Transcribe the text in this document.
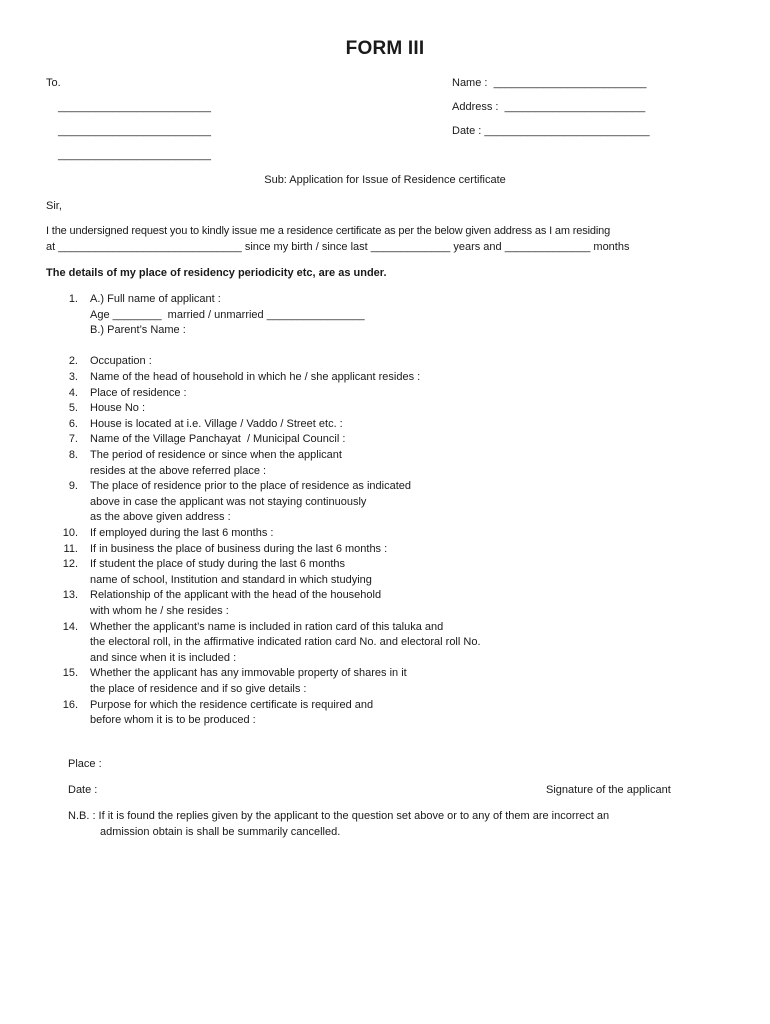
FORM III
To.
_________________________
_________________________
_________________________
Name :  _________________________
Address :  _______________________
Date : ___________________________
Sub: Application for Issue of Residence certificate
Sir,
I the undersigned request you to kindly issue me a residence certificate as per the below given address as I am residing
at ______________________________ since my birth / since last _____________ years and ______________ months
The details of my place of residency periodicity etc, are as under.
1. A.) Full name of applicant :
Age ________  married / unmarried ________________
B.) Parent’s Name :
2. Occupation :
3. Name of the head of household in which he / she applicant resides :
4. Place of residence :
5. House No :
6. House is located at i.e. Village / Vaddo / Street etc. :
7. Name of the Village Panchayat  / Municipal Council :
8. The period of residence or since when the applicant
resides at the above referred place :
9. The place of residence prior to the place of residence as indicated
above in case the applicant was not staying continuously
as the above given address :
10. If employed during the last 6 months :
11. If in business the place of business during the last 6 months :
12. If student the place of study during the last 6 months
name of school, Institution and standard in which studying
13. Relationship of the applicant with the head of the household
with whom he / she resides :
14. Whether the applicant’s name is included in ration card of this taluka and
the electoral roll, in the affirmative indicated ration card No. and electoral roll No.
and since when it is included :
15. Whether the applicant has any immovable property of shares in it
the place of residence and if so give details :
16. Purpose for which the residence certificate is required and
before whom it is to be produced :
Place :
Date :	Signature of the applicant
N.B. : If it is found the replies given by the applicant to the question set above or to any of them are incorrect an
admission obtain is shall be summarily cancelled.
